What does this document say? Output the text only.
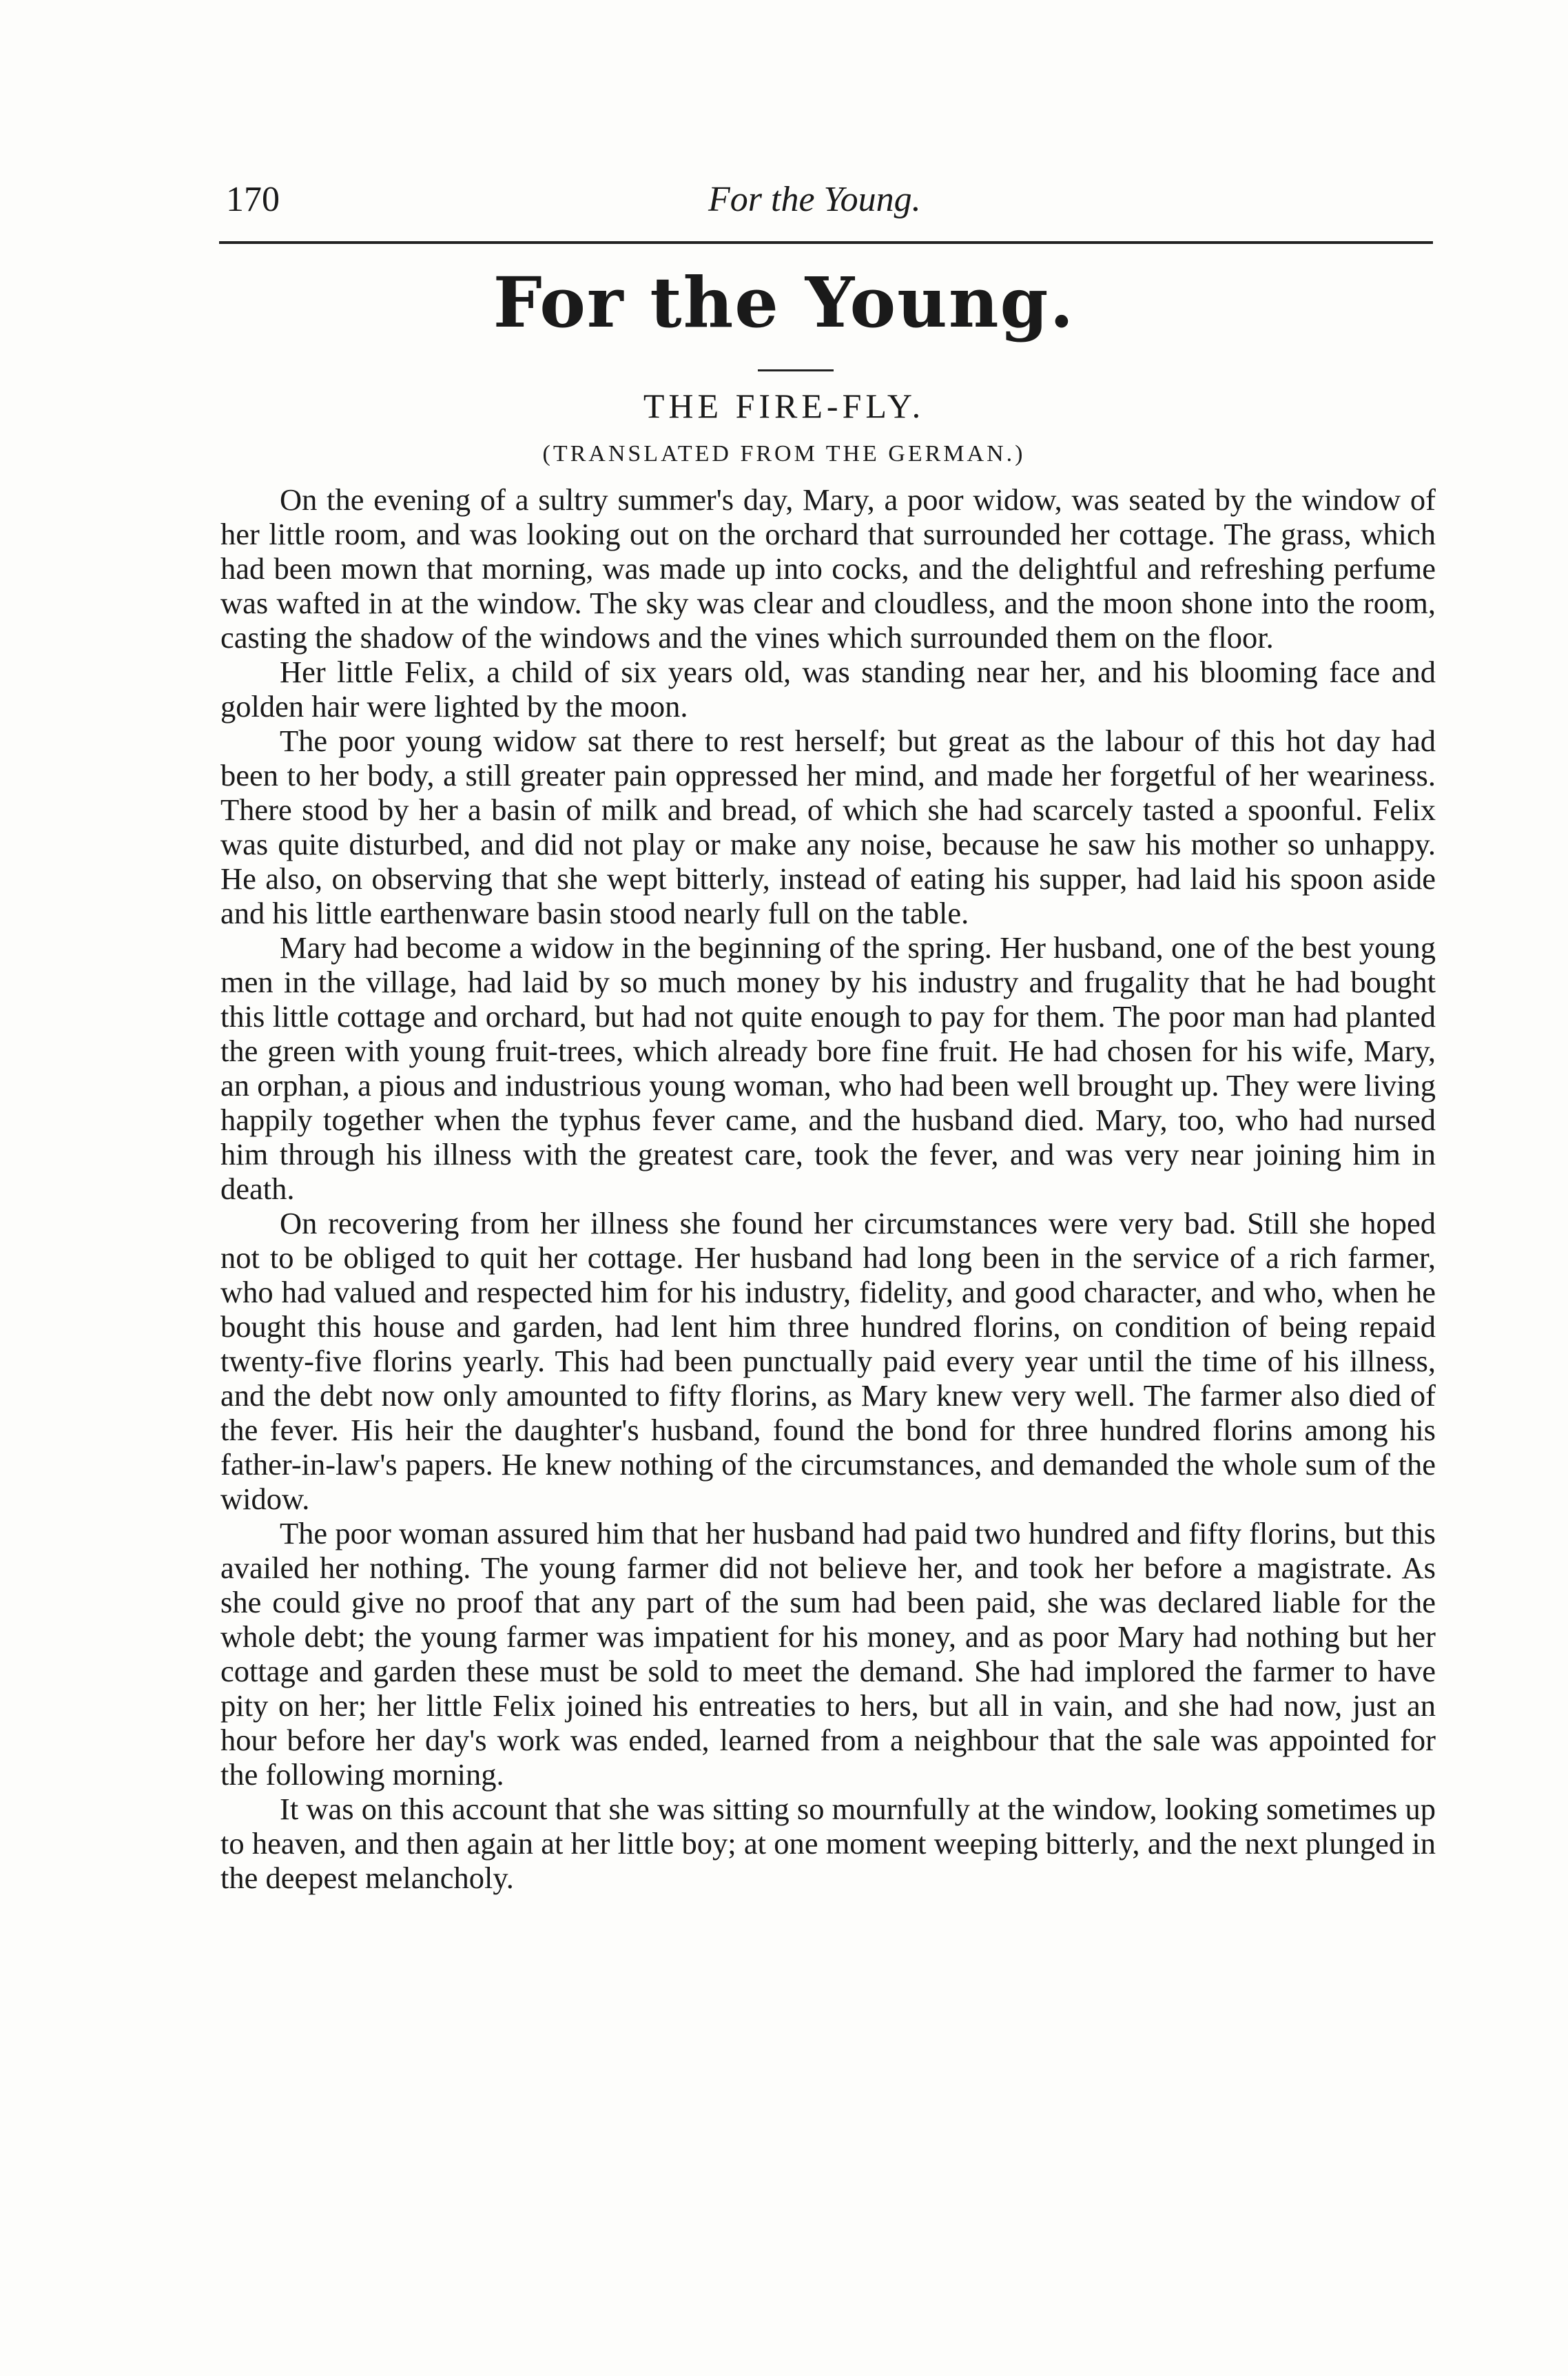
170	For the Young.
For the Young.
THE FIRE-FLY.
(TRANSLATED FROM THE GERMAN.)

On the evening of a sultry summer's day, Mary, a poor widow, was seated by the window of her little room, and was looking out on the orchard that surrounded her cottage. The grass, which had been mown that morning, was made up into cocks, and the delightful and refreshing perfume was wafted in at the window. The sky was clear and cloudless, and the moon shone into the room, casting the shadow of the windows and the vines which surrounded them on the floor.

Her little Felix, a child of six years old, was standing near her, and his blooming face and golden hair were lighted by the moon.

The poor young widow sat there to rest herself; but great as the labour of this hot day had been to her body, a still greater pain oppressed her mind, and made her forgetful of her weariness. There stood by her a basin of milk and bread, of which she had scarcely tasted a spoonful. Felix was quite disturbed, and did not play or make any noise, because he saw his mother so unhappy. He also, on observing that she wept bitterly, instead of eating his supper, had laid his spoon aside and his little earthenware basin stood nearly full on the table.

Mary had become a widow in the beginning of the spring. Her husband, one of the best young men in the village, had laid by so much money by his industry and frugality that he had bought this little cottage and orchard, but had not quite enough to pay for them. The poor man had planted the green with young fruit-trees, which already bore fine fruit. He had chosen for his wife, Mary, an orphan, a pious and industrious young woman, who had been well brought up. They were living happily together when the typhus fever came, and the husband died. Mary, too, who had nursed him through his illness with the greatest care, took the fever, and was very near joining him in death.

On recovering from her illness she found her circumstances were very bad. Still she hoped not to be obliged to quit her cottage. Her husband had long been in the service of a rich farmer, who had valued and respected him for his industry, fidelity, and good character, and who, when he bought this house and garden, had lent him three hundred florins, on condition of being repaid twenty-five florins yearly. This had been punctually paid every year until the time of his illness, and the debt now only amounted to fifty florins, as Mary knew very well. The farmer also died of the fever. His heir the daughter's husband, found the bond for three hundred florins among his father-in-law's papers. He knew nothing of the circumstances, and demanded the whole sum of the widow.

The poor woman assured him that her husband had paid two hundred and fifty florins, but this availed her nothing. The young farmer did not believe her, and took her before a magistrate. As she could give no proof that any part of the sum had been paid, she was declared liable for the whole debt; the young farmer was impatient for his money, and as poor Mary had nothing but her cottage and garden these must be sold to meet the demand. She had implored the farmer to have pity on her; her little Felix joined his entreaties to hers, but all in vain, and she had now, just an hour before her day's work was ended, learned from a neighbour that the sale was appointed for the following morning.

It was on this account that she was sitting so mournfully at the window, looking sometimes up to heaven, and then again at her little boy; at one moment weeping bitterly, and the next plunged in the deepest melancholy.
